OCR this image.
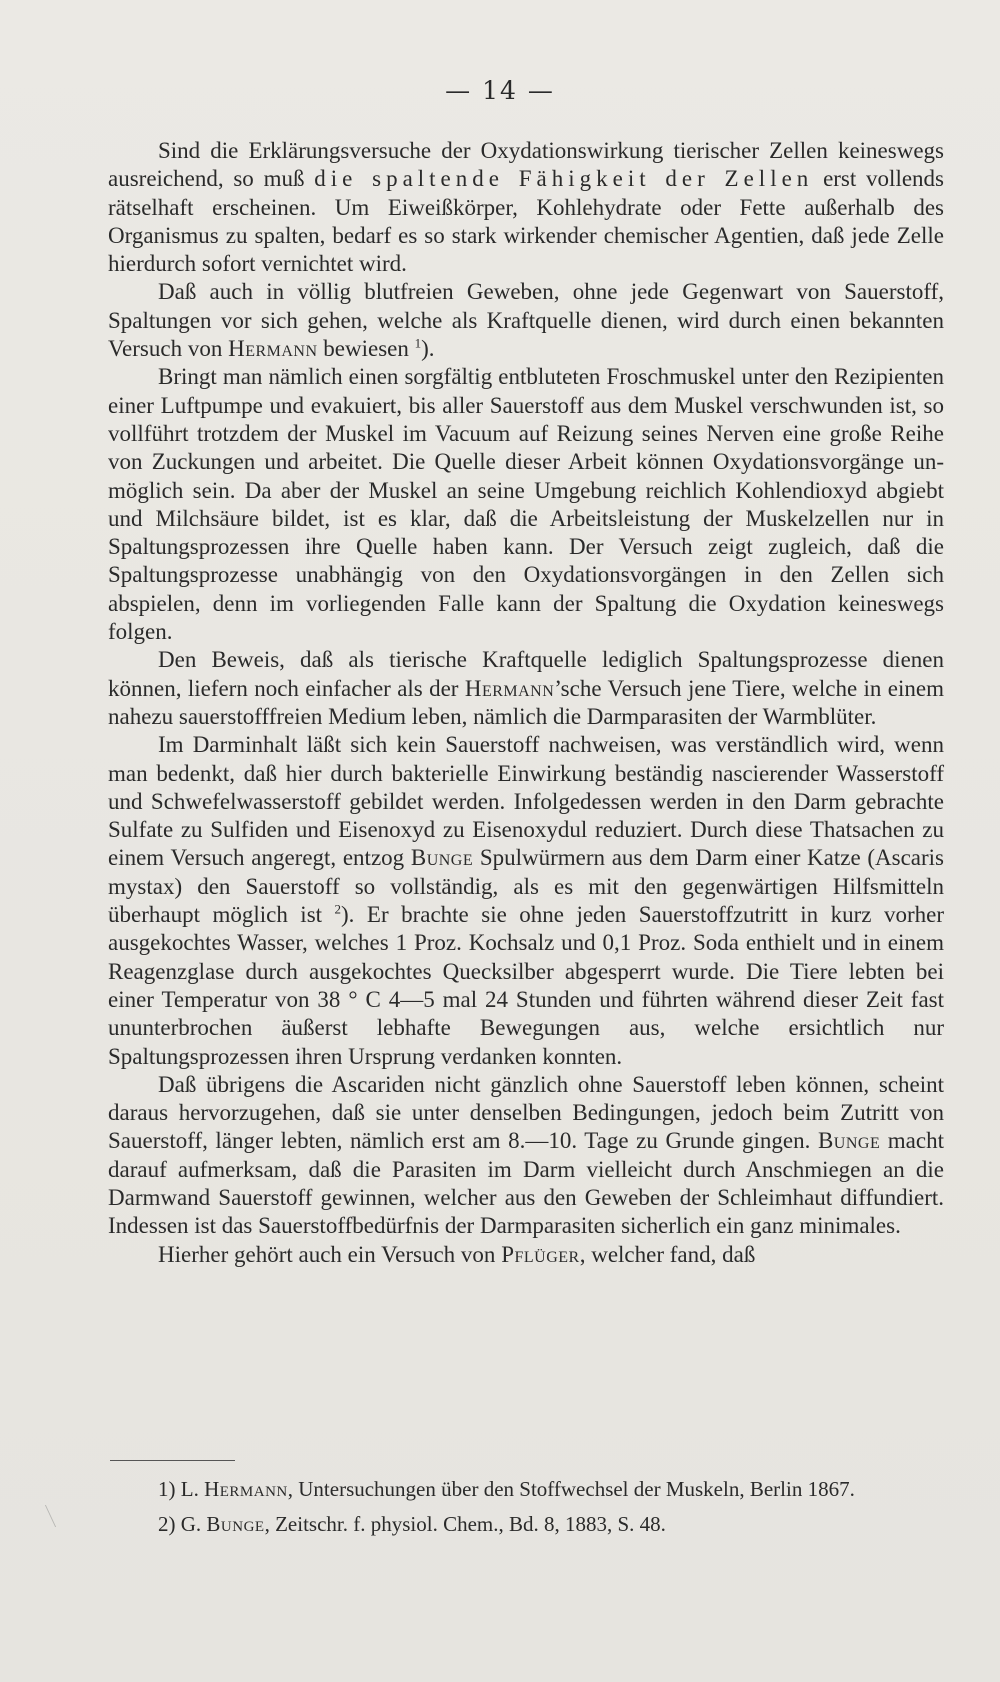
— 14 —

Sind die Erklärungsversuche der Oxydationswirkung tierischer Zellen keineswegs ausreichend, so muß die spaltende Fähigkeit der Zellen erst vollends rätselhaft erscheinen. Um Eiweißkörper, Kohlehydrate oder Fette außerhalb des Organismus zu spalten, bedarf es so stark wirkender chemischer Agentien, daß jede Zelle hierdurch sofort vernichtet wird.

Daß auch in völlig blutfreien Geweben, ohne jede Gegenwart von Sauerstoff, Spaltungen vor sich gehen, welche als Kraftquelle dienen, wird durch einen bekannten Versuch von Hermann bewiesen $^1$).

Bringt man nämlich einen sorgfältig entbluteten Froschmuskel unter den Rezipienten einer Luftpumpe und evakuiert, bis aller Sauerstoff aus dem Muskel verschwunden ist, so vollführt trotzdem der Muskel im Vacuum auf Reizung seines Nerven eine große Reihe von Zuckungen und arbeitet. Die Quelle dieser Arbeit können Oxydationsvorgänge unmöglich sein. Da aber der Muskel an seine Umgebung reichlich Kohlendioxyd abgiebt und Milchsäure bildet, ist es klar, daß die Arbeitsleistung der Muskelzellen nur in Spaltungsprozessen ihre Quelle haben kann. Der Versuch zeigt zugleich, daß die Spaltungsprozesse unabhängig von den Oxydationsvorgängen in den Zellen sich abspielen, denn im vorliegenden Falle kann der Spaltung die Oxydation keineswegs folgen.

Den Beweis, daß als tierische Kraftquelle lediglich Spaltungsprozesse dienen können, liefern noch einfacher als der Hermann’sche Versuch jene Tiere, welche in einem nahezu sauerstofffreien Medium leben, nämlich die Darmparasiten der Warmblüter.

Im Darminhalt läßt sich kein Sauerstoff nachweisen, was verständlich wird, wenn man bedenkt, daß hier durch bakterielle Einwirkung beständig nascierender Wasserstoff und Schwefelwasserstoff gebildet werden. Infolgedessen werden in den Darm gebrachte Sulfate zu Sulfiden und Eisenoxyd zu Eisenoxydul reduziert. Durch diese Thatsachen zu einem Versuch angeregt, entzog Bunge Spulwürmern aus dem Darm einer Katze (Ascaris mystax) den Sauerstoff so vollständig, als es mit den gegenwärtigen Hilfsmitteln überhaupt möglich ist $^2$). Er brachte sie ohne jeden Sauerstoffzutritt in kurz vorher ausgekochtes Wasser, welches 1 Proz. Kochsalz und 0,1 Proz. Soda enthielt und in einem Reagenzglase durch ausgekochtes Quecksilber abgesperrt wurde. Die Tiere lebten bei einer Temperatur von 38 ° C 4—5 mal 24 Stunden und führten während dieser Zeit fast ununterbrochen äußerst lebhafte Bewegungen aus, welche ersichtlich nur Spaltungsprozessen ihren Ursprung verdanken konnten.

Daß übrigens die Ascariden nicht gänzlich ohne Sauerstoff leben können, scheint daraus hervorzugehen, daß sie unter denselben Bedingungen, jedoch beim Zutritt von Sauerstoff, länger lebten, nämlich erst am 8.—10. Tage zu Grunde gingen. Bunge macht darauf aufmerksam, daß die Parasiten im Darm vielleicht durch Anschmiegen an die Darmwand Sauerstoff gewinnen, welcher aus den Geweben der Schleimhaut diffundiert. Indessen ist das Sauerstoffbedürfnis der Darmparasiten sicherlich ein ganz minimales.

Hierher gehört auch ein Versuch von Pflüger, welcher fand, daß

1) L. Hermann, Untersuchungen über den Stoffwechsel der Muskeln, Berlin 1867.

2) G. Bunge, Zeitschr. f. physiol. Chem., Bd. 8, 1883, S. 48.
